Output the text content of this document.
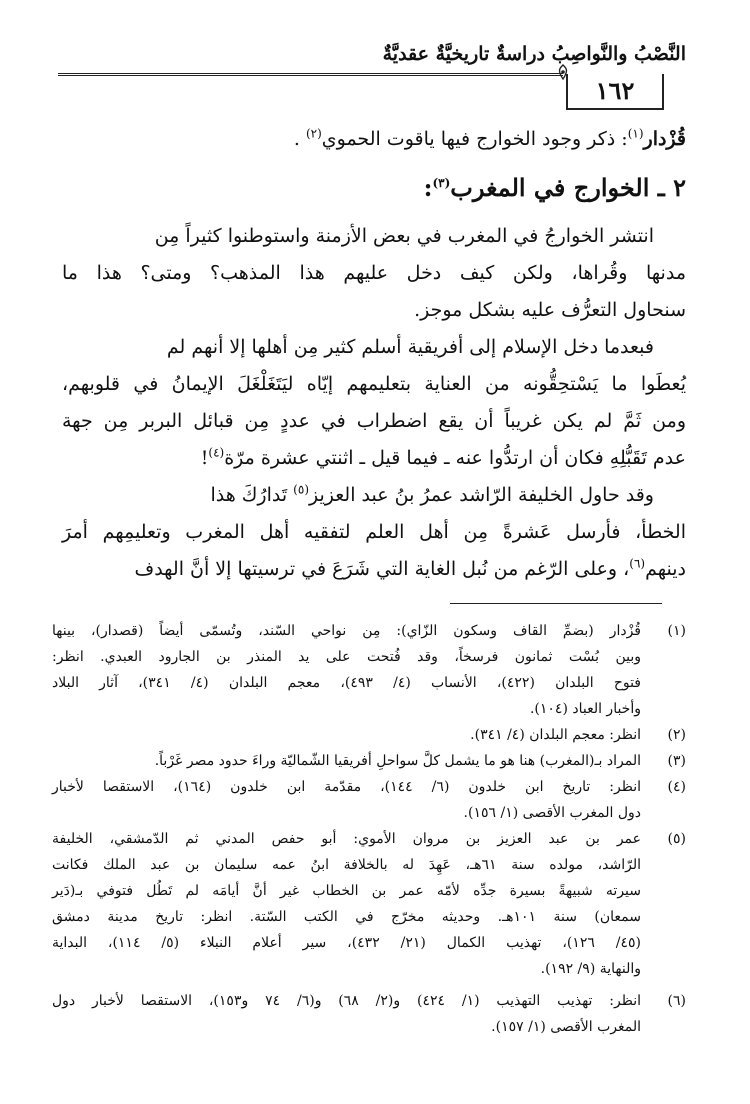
النَّصْبُ والنَّواصِبُ دراسةٌ تاريخيَّةٌ عقديَّةٌ
١٦٢
قُزْدار$^{(١)}$: ذكر وجود الخوارج فيها ياقوت الحموي$^{(٢)}$ .
٢ ـ الخوارج في المغرب$^{(٣)}$:
انتشر الخوارجُ في المغرب في بعض الأزمنة واستوطنوا كثيراً مِن
مدنها وقُراها، ولكن كيف دخل عليهم هذا المذهب؟ ومتى؟ هذا ما
سنحاول التعرُّف عليه بشكل موجز.
فبعدما دخل الإسلام إلى أفريقية أسلم كثير مِن أهلها إلا أنهم لم
يُعطَوا ما يَسْتحِقُّونه من العناية بتعليمهم إيّاه ليَتَغَلْغَلَ الإيمانُ في قلوبهم،
ومن ثَمَّ لم يكن غريباً أن يقع اضطراب في عددٍ مِن قبائل البربر مِن جهة
عدم تَقَبُّلِهِ فكان أن ارتدُّوا عنه ـ فيما قيل ـ اثنتي عشرة مرّة$^{(٤)}$!
وقد حاول الخليفة الرّاشد عمرُ بنُ عبد العزيز$^{(٥)}$ تَدارُكَ هذا
الخطأ، فأرسل عَشرةً مِن أهل العلم لتفقيه أهل المغرب وتعليمِهم أمرَ
دينهم$^{(٦)}$، وعلى الرّغم من نُبل الغاية التي شَرَعَ في ترسيتها إلا أنَّ الهدف
(١)
قُزْدار (بضمِّ القاف وسكون الزّاي): مِن نواحي السّند، وتُسمّى أيضاً (قصدار)، بينها
وبين بُسْت ثمانون فرسخاً، وقد فُتحت على يد المنذر بن الجارود العبدي. انظر:
فتوح البلدان (٤٢٢)، الأنساب (٤/ ٤٩٣)، معجم البلدان (٤/ ٣٤١)، آثار البلاد
وأخبار العباد (١٠٤).
(٢)
انظر: معجم البلدان (٤/ ٣٤١).
(٣)
المراد بـ(المغرب) هنا هو ما يشمل كلَّ سواحلِ أفريقيا الشّماليّة وراءَ حدود مصر غَرْباً.
(٤)
انظر: تاريخ ابن خلدون (٦/ ١٤٤)، مقدّمة ابن خلدون (١٦٤)، الاستقصا لأخبار
دول المغرب الأقصى (١/ ١٥٦).
(٥)
عمر بن عبد العزيز بن مروان الأموي: أبو حفص المدني ثم الدّمشقي، الخليفة
الرّاشد، مولده سنة ٦١هـ، عَهِدَ له بالخلافة ابنُ عمه سليمان بن عبد الملك فكانت
سيرته شبيهةً بسيرة جدِّه لأمّه عمر بن الخطاب غير أنَّ أيامَه لم تَطُل فتوفي بـ(دَير
سمعان) سنة ١٠١هـ. وحديثه مخرّج في الكتب السّتة. انظر: تاريخ مدينة دمشق
(٤٥/ ١٢٦)، تهذيب الكمال (٢١/ ٤٣٢)، سير أعلام النبلاء (٥/ ١١٤)، البداية
والنهاية (٩/ ١٩٢).
(٦)
انظر: تهذيب التهذيب (١/ ٤٢٤) و(٢/ ٦٨) و(٦/ ٧٤ و١٥٣)، الاستقصا لأخبار دول
المغرب الأقصى (١/ ١٥٧).
